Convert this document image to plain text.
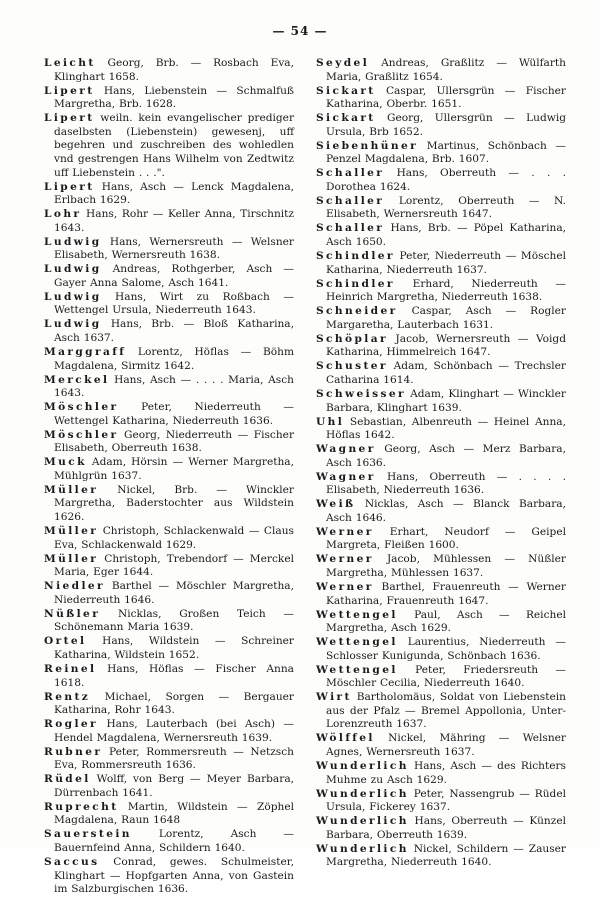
— 54 —

Leicht Georg, Brb. — Rosbach Eva, Klinghart 1658.

Lipert Hans, Liebenstein — Schmalfuß Margretha, Brb. 1628.

Lipert weiln. kein evangelischer prediger daselbsten (Liebenstein) gewesenj, uff begehren und zuschreiben des wohledlen vnd gestrengen Hans Wilhelm von Zedtwitz uff Liebenstein . . .".

Lipert Hans, Asch — Lenck Magdalena, Erlbach 1629.

Lohr Hans, Rohr — Keller Anna, Tirschnitz 1643.

Ludwig Hans, Wernersreuth — Welsner Elisabeth, Wernersreuth 1638.

Ludwig Andreas, Rothgerber, Asch — Gayer Anna Salome, Asch 1641.

Ludwig Hans, Wirt zu Roßbach — Wettengel Ursula, Niederreuth 1643.

Ludwig Hans, Brb. — Bloß Katharina, Asch 1637.

Marggraff Lorentz, Höflas — Böhm Magdalena, Sirmitz 1642.

Merckel Hans, Asch — . . . . Maria, Asch 1643.

Möschler Peter, Niederreuth — Wettengel Katharina, Niederreuth 1636.

Möschler Georg, Niederreuth — Fischer Elisabeth, Oberreuth 1638.

Muck Adam, Hörsin — Werner Margretha, Mühlgrün 1637.

Müller Nickel, Brb. — Winckler Margretha, Baderstochter aus Wildstein 1626.

Müller Christoph, Schlackenwald — Claus Eva, Schlackenwald 1629.

Müller Christoph, Trebendorf — Merckel Maria, Eger 1644.

Niedler Barthel — Möschler Margretha, Niederreuth 1646.

Nüßler Nicklas, Großen Teich — Schönemann Maria 1639.

Ortel Hans, Wildstein — Schreiner Katharina, Wildstein 1652.

Reinel Hans, Höflas — Fischer Anna 1618.

Rentz Michael, Sorgen — Bergauer Katharina, Rohr 1643.

Rogler Hans, Lauterbach (bei Asch) — Hendel Magdalena, Wernersreuth 1639.

Rubner Peter, Rommersreuth — Netzsch Eva, Rommersreuth 1636.

Rüdel Wolff, von Berg — Meyer Barbara, Dürrenbach 1641.

Ruprecht Martin, Wildstein — Zöphel Magdalena, Raun 1648

Sauerstein	Lorentz, Asch — Bauernfeind Anna, Schildern 1640.

Saccus Conrad, gewes. Schulmeister, Klinghart — Hopfgarten Anna, von Gastein im Salzburgischen 1636.

Seydel Andreas, Graßlitz — Wülfarth Maria, Graßlitz 1654.

Sickart Caspar, Ullersgrün — Fischer Katharina, Oberbr. 1651.

Sickart Georg, Ullersgrün — Ludwig Ursula, Brb 1652.

Siebenhüner Martinus, Schönbach — Penzel Magdalena, Brb. 1607.

Schaller Hans, Oberreuth — . . . Dorothea 1624.

Schaller Lorentz, Oberreuth — N. Elisabeth, Wernersreuth 1647.

Schaller Hans, Brb. — Pöpel Katharina, Asch 1650.

Schindler Peter, Niederreuth — Möschel Katharina, Niederreuth 1637.

Schindler Erhard, Niederreuth — Heinrich Margretha, Niederreuth 1638.

Schneider Caspar, Asch — Rogler Margaretha, Lauterbach 1631.

Schöplar Jacob, Wernersreuth — Voigd Katharina, Himmelreich 1647.

Schuster Adam, Schönbach — Trechsler Catharina 1614.

Schweisser Adam, Klinghart — Winckler Barbara, Klinghart 1639.

Uhl Sebastian, Albenreuth — Heinel Anna, Höflas 1642.

Wagner Georg, Asch — Merz Barbara, Asch 1636.

Wagner Hans, Oberreuth — . . . . Elisabeth, Niederreuth 1636.

Weiß Nicklas, Asch — Blanck Barbara, Asch 1646.

Werner Erhart, Neudorf — Geipel Margreta, Fleißen 1600.

Werner Jacob, Mühlessen — Nüßler Margretha, Mühlessen 1637.

Werner Barthel, Frauenreuth — Werner Katharina, Frauenreuth 1647.

Wettengel Paul, Asch — Reichel Margretha, Asch 1629.

Wettengel Laurentius, Niederreuth — Schlosser Kunigunda, Schönbach 1636.

Wettengel Peter, Friedersreuth — Möschler Cecilia, Niederreuth 1640.

Wirt Bartholomäus, Soldat von Liebenstein aus der Pfalz — Bremel Appollonia, Unter-Lorenzreuth 1637.

Wölffel Nickel, Mähring — Welsner Agnes, Wernersreuth 1637.

Wunderlich Hans, Asch — des Richters Muhme zu Asch 1629.

Wunderlich Peter, Nassengrub — Rüdel Ursula, Fickerey 1637.

Wunderlich Hans, Oberreuth — Künzel Barbara, Oberreuth 1639.

Wunderlich Nickel, Schildern — Zauser Margretha, Niederreuth 1640.
